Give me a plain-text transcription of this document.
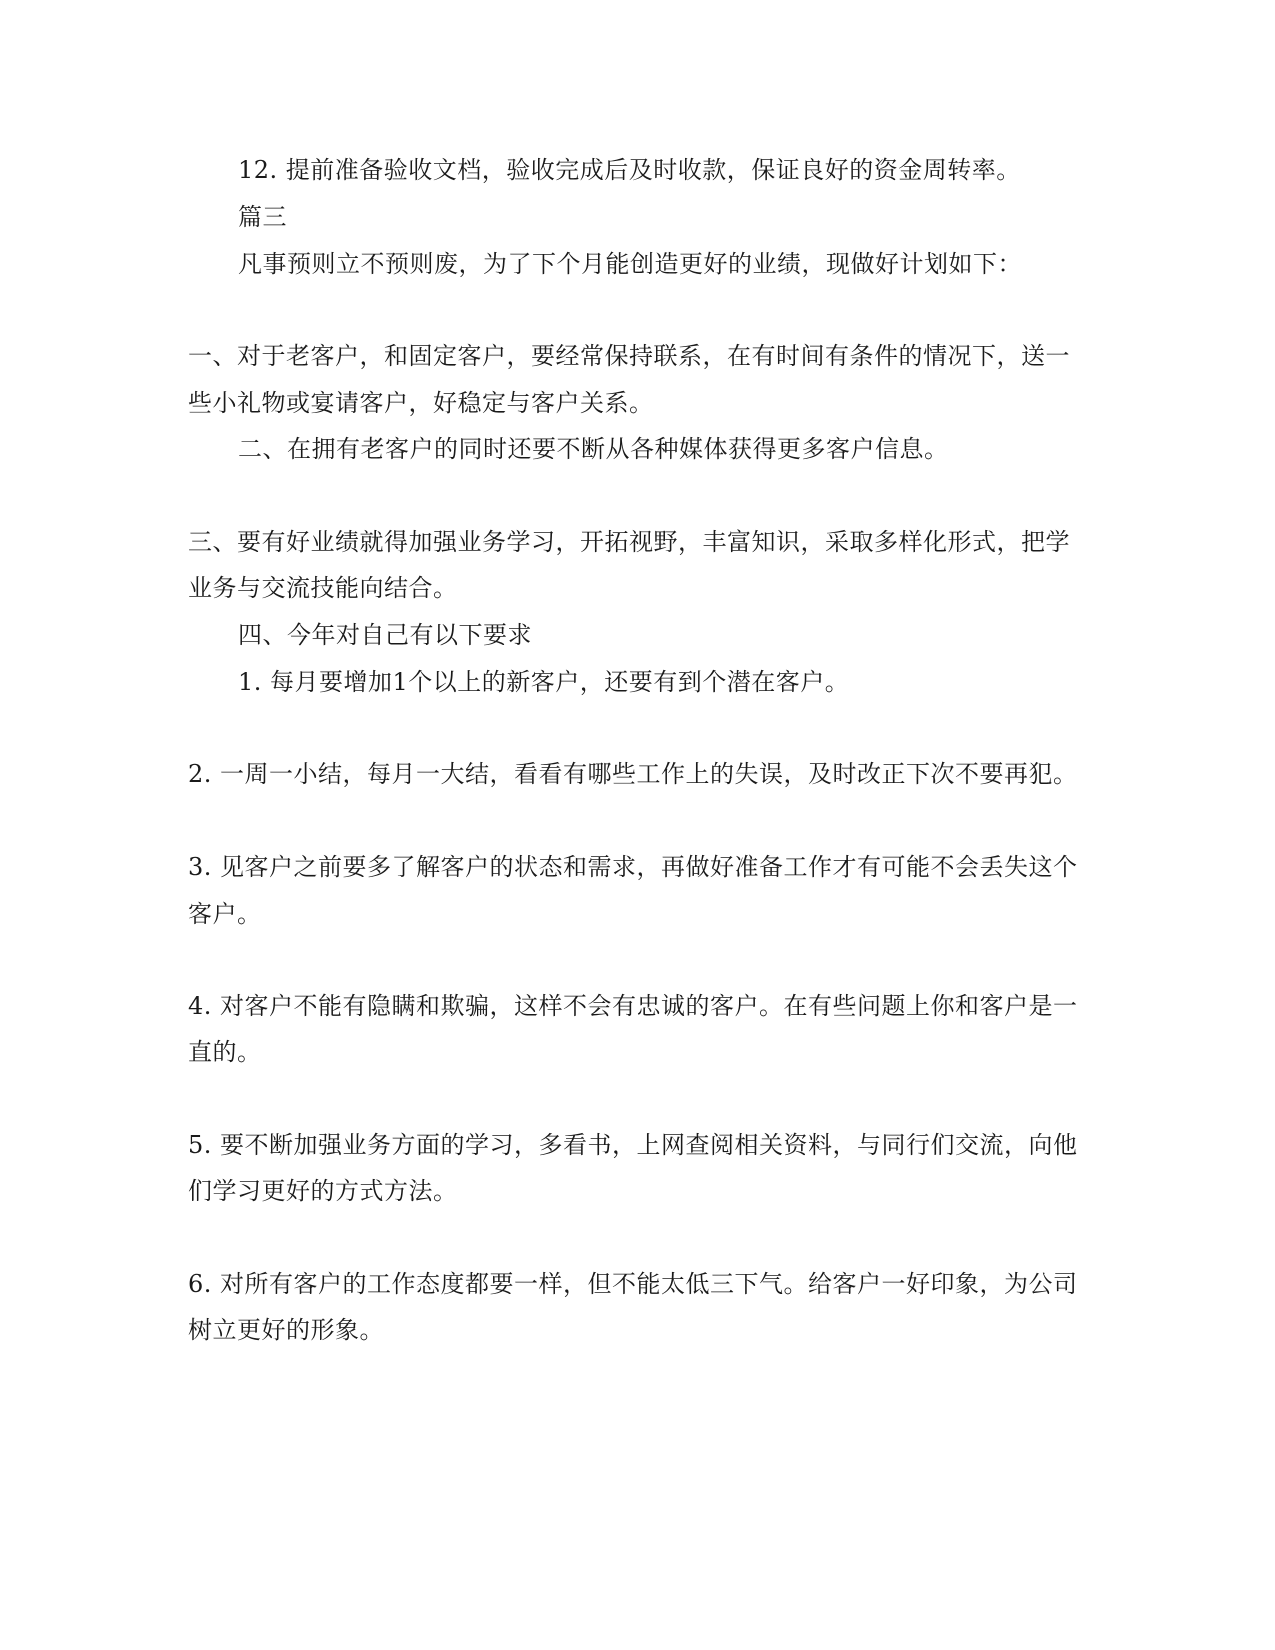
12. 提前准备验收文档，验收完成后及时收款，保证良好的资金周转率。
篇三
凡事预则立不预则废，为了下个月能创造更好的业绩，现做好计划如下：
一、对于老客户，和固定客户，要经常保持联系，在有时间有条件的情况下，送一
些小礼物或宴请客户，好稳定与客户关系。
二、在拥有老客户的同时还要不断从各种媒体获得更多客户信息。
三、要有好业绩就得加强业务学习，开拓视野，丰富知识，采取多样化形式，把学
业务与交流技能向结合。
四、今年对自己有以下要求
1. 每月要增加1个以上的新客户，还要有到个潜在客户。
2. 一周一小结，每月一大结，看看有哪些工作上的失误，及时改正下次不要再犯。
3. 见客户之前要多了解客户的状态和需求，再做好准备工作才有可能不会丢失这个
客户。
4. 对客户不能有隐瞒和欺骗，这样不会有忠诚的客户。在有些问题上你和客户是一
直的。
5. 要不断加强业务方面的学习，多看书，上网查阅相关资料，与同行们交流，向他
们学习更好的方式方法。
6. 对所有客户的工作态度都要一样，但不能太低三下气。给客户一好印象，为公司
树立更好的形象。
